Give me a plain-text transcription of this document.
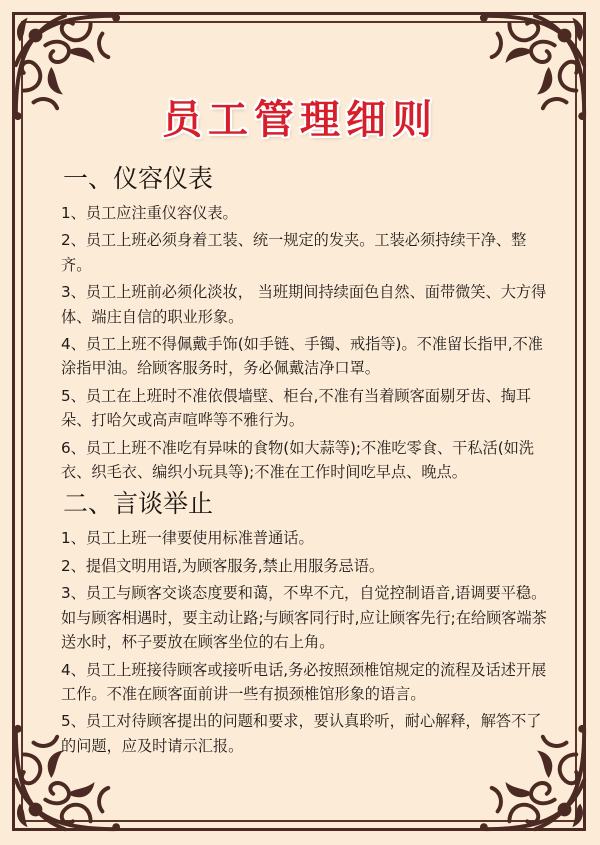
员工管理细则
一、仪容仪表

1、员工应注重仪容仪表。

2、员工上班必须身着工装、统一规定的发夹。工装必须持续干净、整齐。

3、员工上班前必须化淡妆， 当班期间持续面色自然、面带微笑、大方得体、端庄自信的职业形象。

4、员工上班不得佩戴手饰(如手链、手镯、戒指等)。不准留长指甲,不准涂指甲油。给顾客服务时，务必佩戴洁净口罩。

5、员工在上班时不准依偎墙壁、柜台,不准有当着顾客面剔牙齿、掏耳朵、打哈欠或高声喧哗等不雅行为。

6、员工上班不准吃有异味的食物(如大蒜等);不准吃零食、干私活(如洗衣、织毛衣、编织小玩具等);不准在工作时间吃早点、晚点。

二、言谈举止

1、员工上班一律要使用标准普通话。

2、提倡文明用语,为顾客服务,禁止用服务忌语。

3、员工与顾客交谈态度要和蔼，不卑不亢，自觉控制语音,语调要平稳。如与顾客相遇时，要主动让路;与顾客同行时,应让顾客先行;在给顾客端茶送水时，杯子要放在顾客坐位的右上角。

4、员工上班接待顾客或接听电话,务必按照颈椎馆规定的流程及话述开展工作。不准在顾客面前讲一些有损颈椎馆形象的语言。

5、员工对待顾客提出的问题和要求，要认真聆听，耐心解释，解答不了的问题，应及时请示汇报。
